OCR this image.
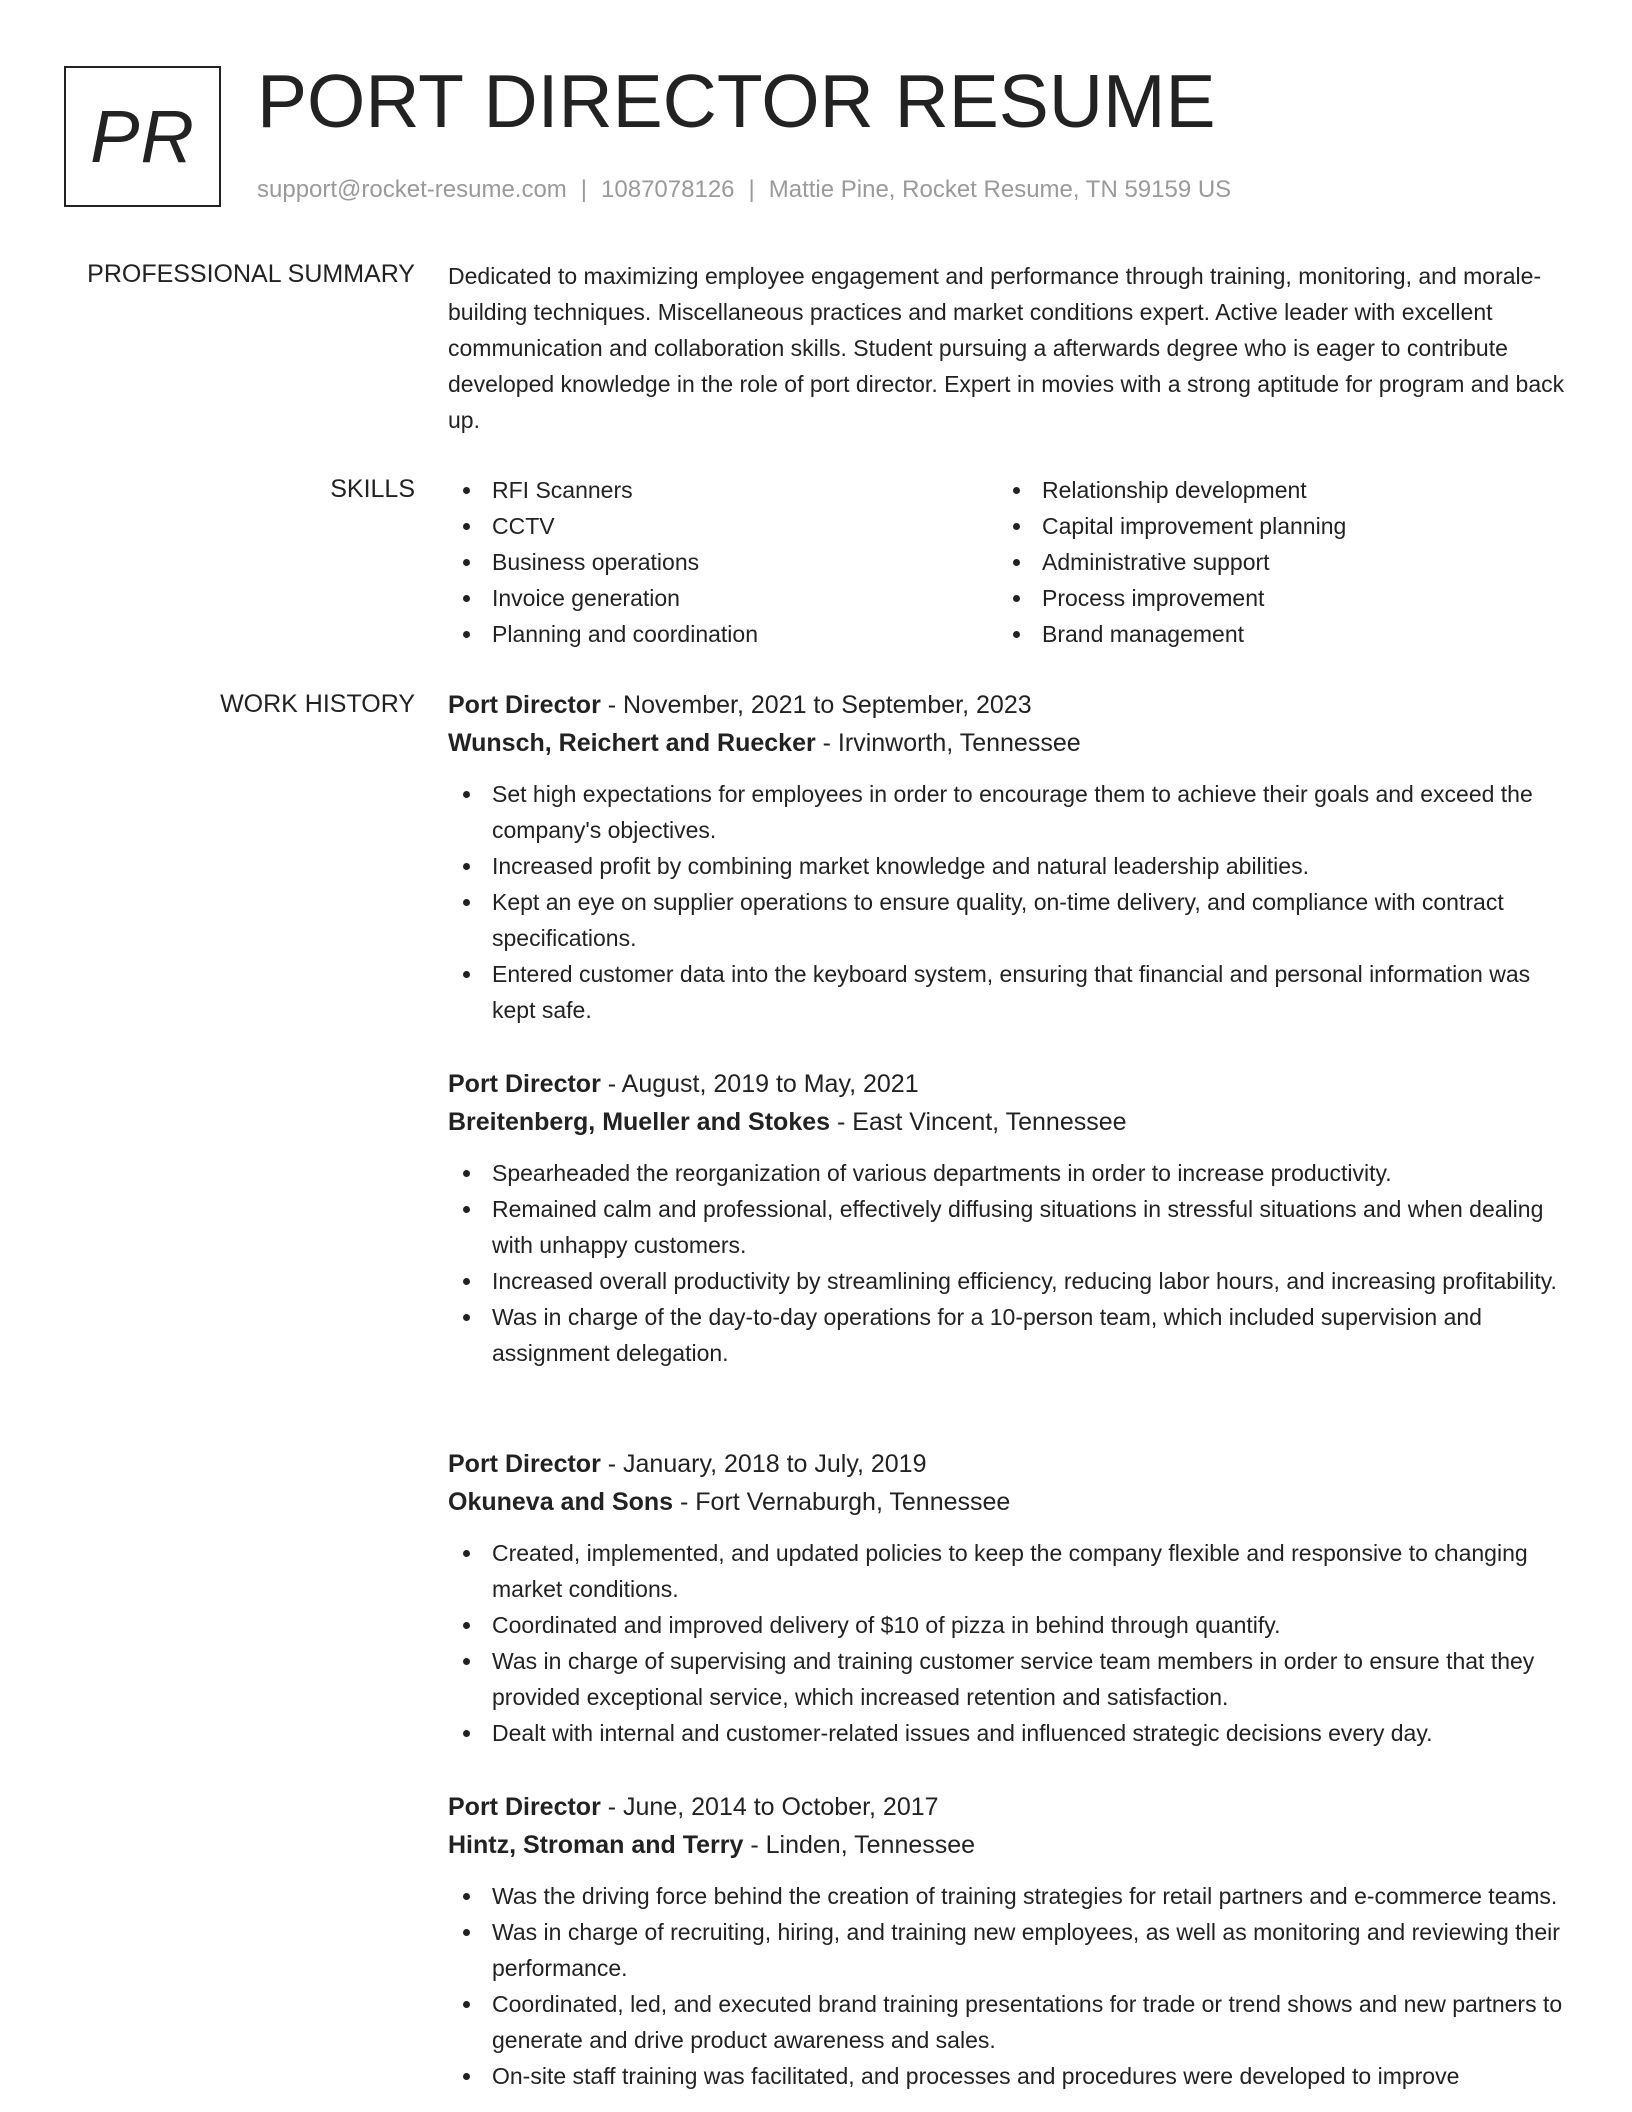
PR PORT DIRECTOR RESUME
support@rocket-resume.com | 1087078126 | Mattie Pine, Rocket Resume, TN 59159 US
PROFESSIONAL SUMMARY Dedicated to maximizing employee engagement and performance through training, monitoring, and morale-building techniques. Miscellaneous practices and market conditions expert. Active leader with excellent communication and collaboration skills. Student pursuing a afterwards degree who is eager to contribute developed knowledge in the role of port director. Expert in movies with a strong aptitude for program and back up.

SKILLS	RFI Scanners
CCTV
Business operations
Invoice generation
Planning and coordination
Relationship development
Capital improvement planning
Administrative support
Process improvement
Brand management
WORK HISTORY Port Director - November, 2021 to September, 2023
Wunsch, Reichert and Ruecker - Irvinworth, Tennessee
Set high expectations for employees in order to encourage them to achieve their goals and exceed the company's objectives.
Increased profit by combining market knowledge and natural leadership abilities.
Kept an eye on supplier operations to ensure quality, on-time delivery, and compliance with contract specifications.
Entered customer data into the keyboard system, ensuring that financial and personal information was kept safe.
Port Director - August, 2019 to May, 2021
Breitenberg, Mueller and Stokes - East Vincent, Tennessee
Spearheaded the reorganization of various departments in order to increase productivity.
Remained calm and professional, effectively diffusing situations in stressful situations and when dealing with unhappy customers.
Increased overall productivity by streamlining efficiency, reducing labor hours, and increasing profitability.
Was in charge of the day-to-day operations for a 10-person team, which included supervision and assignment delegation.
Port Director - January, 2018 to July, 2019
Okuneva and Sons - Fort Vernaburgh, Tennessee
Created, implemented, and updated policies to keep the company flexible and responsive to changing market conditions.
Coordinated and improved delivery of $10 of pizza in behind through quantify.
Was in charge of supervising and training customer service team members in order to ensure that they provided exceptional service, which increased retention and satisfaction.
Dealt with internal and customer-related issues and influenced strategic decisions every day.
Port Director - June, 2014 to October, 2017
Hintz, Stroman and Terry - Linden, Tennessee
Was the driving force behind the creation of training strategies for retail partners and e-commerce teams.
Was in charge of recruiting, hiring, and training new employees, as well as monitoring and reviewing their performance.
Coordinated, led, and executed brand training presentations for trade or trend shows and new partners to generate and drive product awareness and sales.
On-site staff training was facilitated, and processes and procedures were developed to improve
